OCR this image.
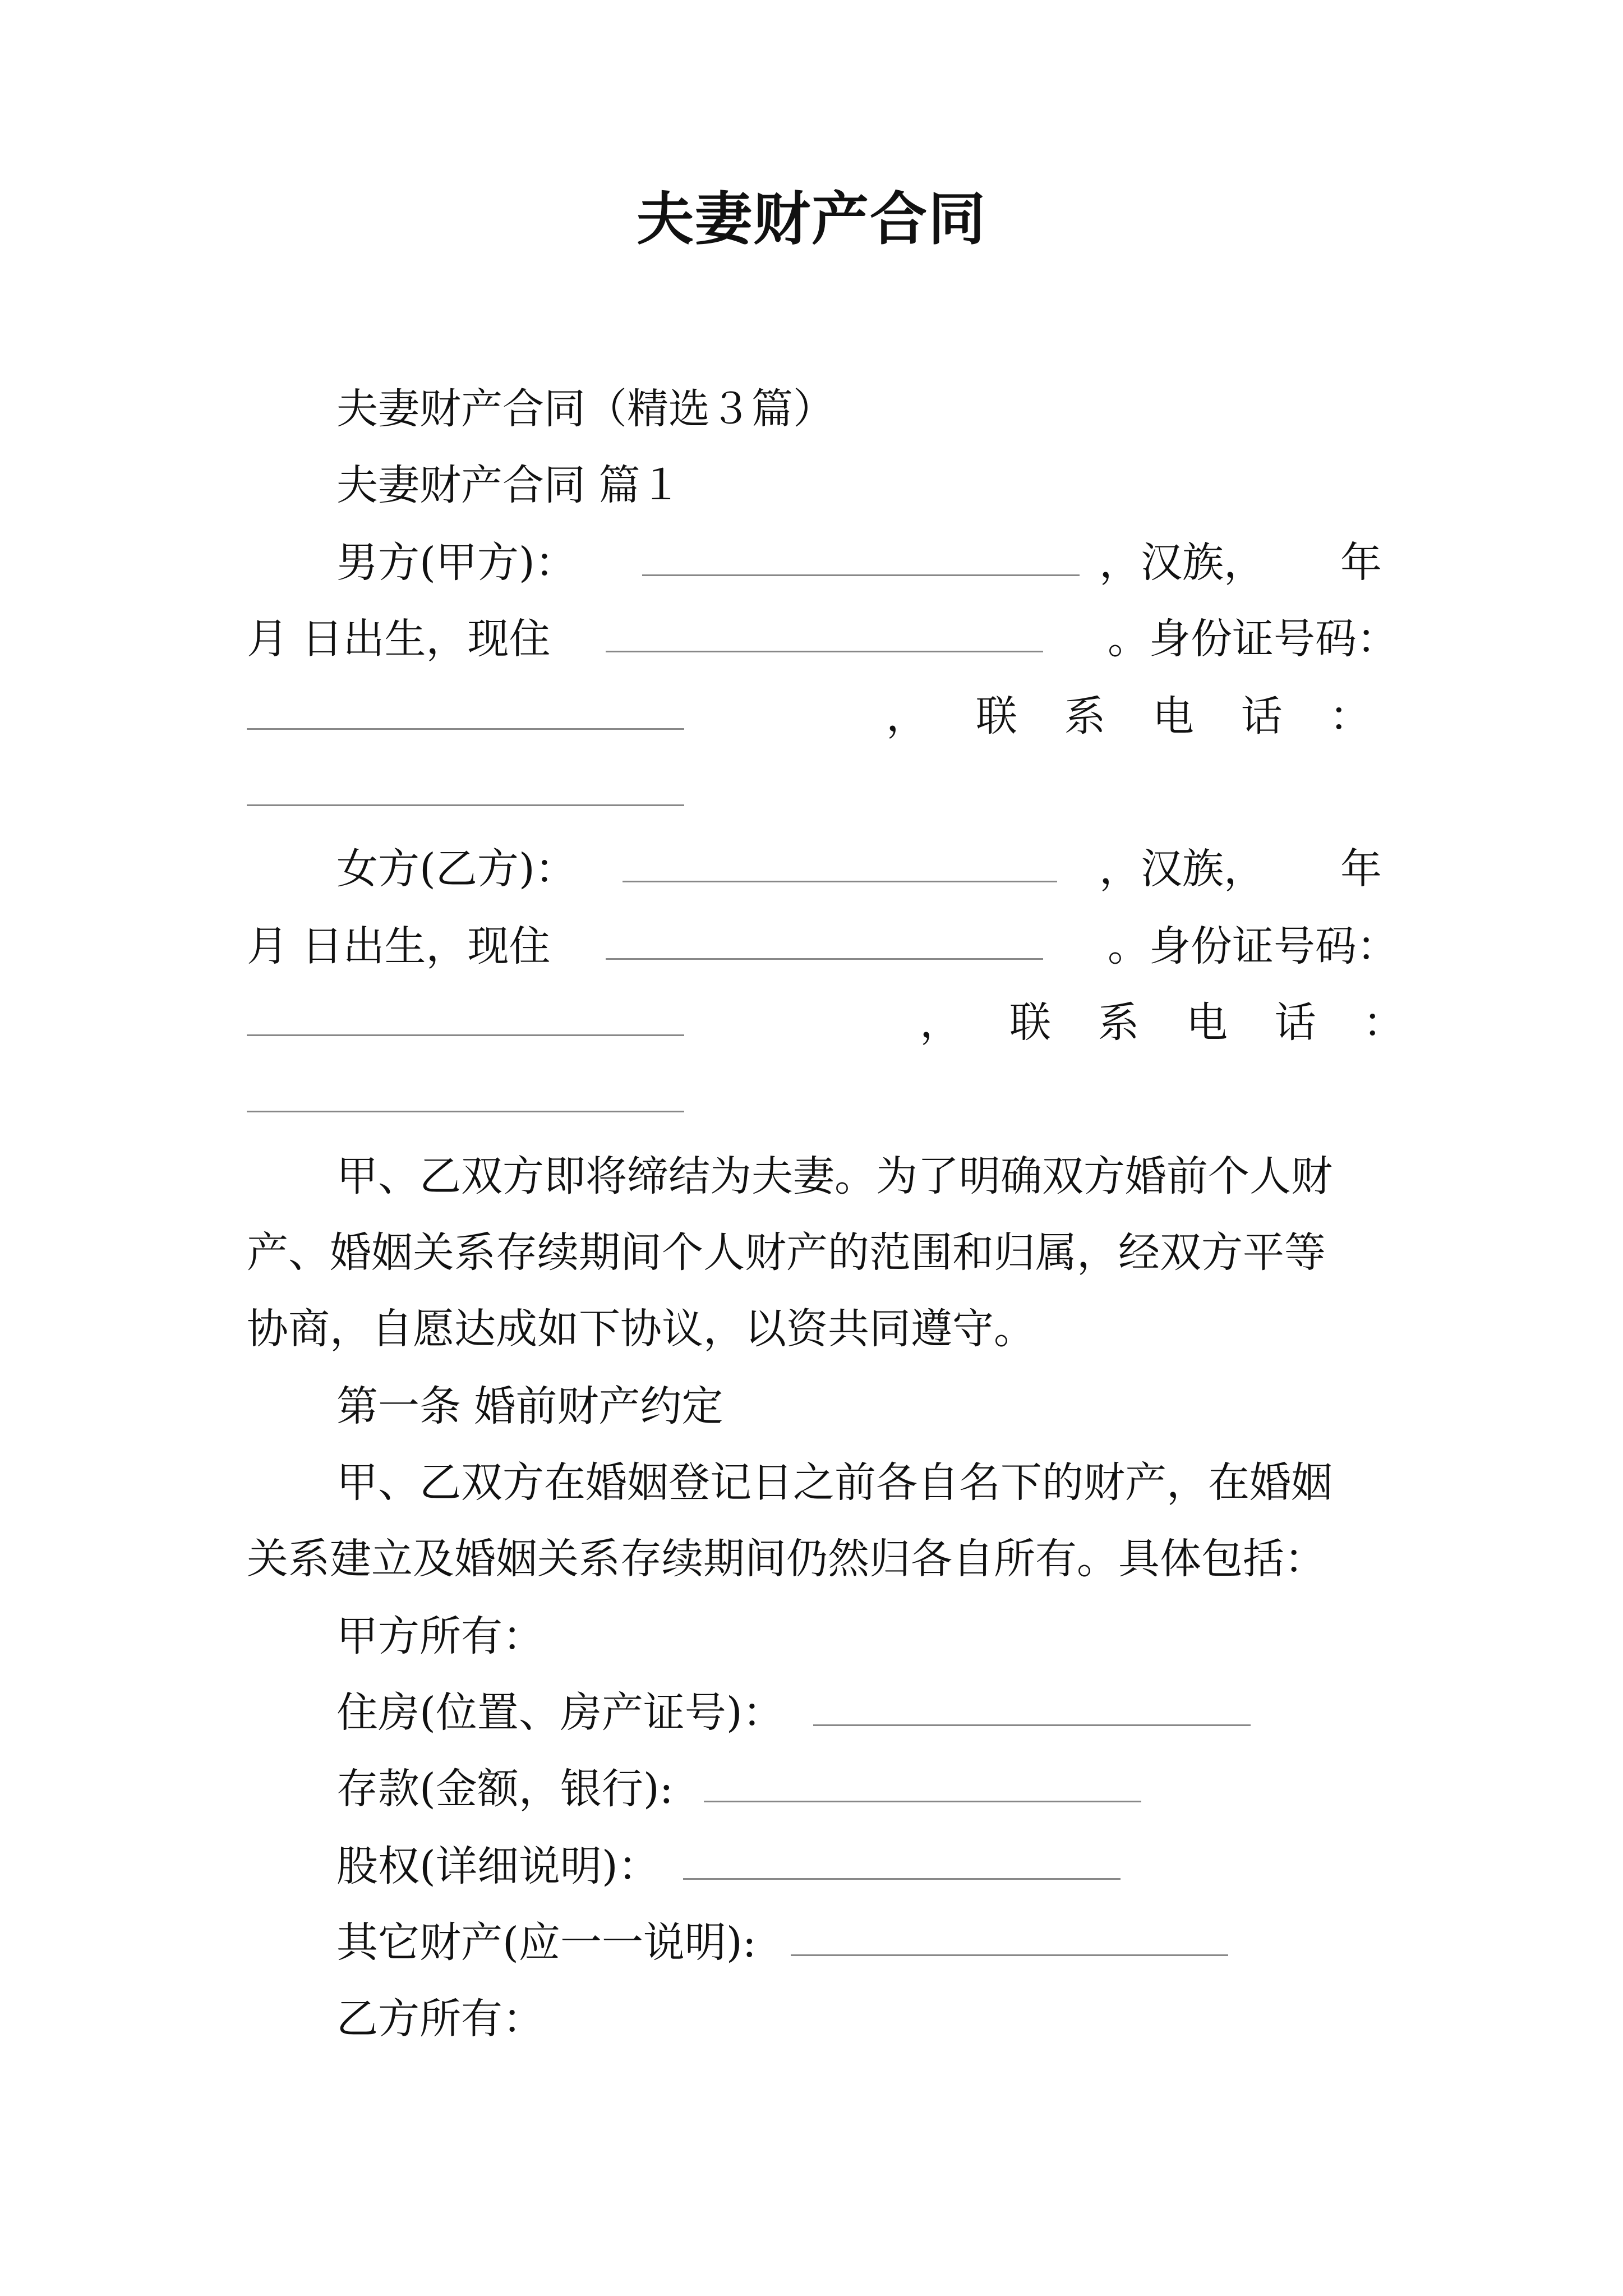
夫妻财产合同
夫妻财产合同（精选３篇）
夫妻财产合同 篇１
男方(甲方)：	，汉族， 年
月 日出生，现住	。身份证号码：
， 联 系 电 话 ：
女方(乙方)：	，汉族， 年
月 日出生，现住	。身份证号码：
， 联 系 电 话 ：
甲、乙双方即将缔结为夫妻。为了明确双方婚前个人财
产、婚姻关系存续期间个人财产的范围和归属，经双方平等
协商，自愿达成如下协议，以资共同遵守。
第一条 婚前财产约定
甲、乙双方在婚姻登记日之前各自名下的财产，在婚姻
关系建立及婚姻关系存续期间仍然归各自所有。具体包括：
甲方所有：
住房(位置、房产证号)：
存款(金额，银行):
股权(详细说明)：
其它财产(应一一说明):
乙方所有：
